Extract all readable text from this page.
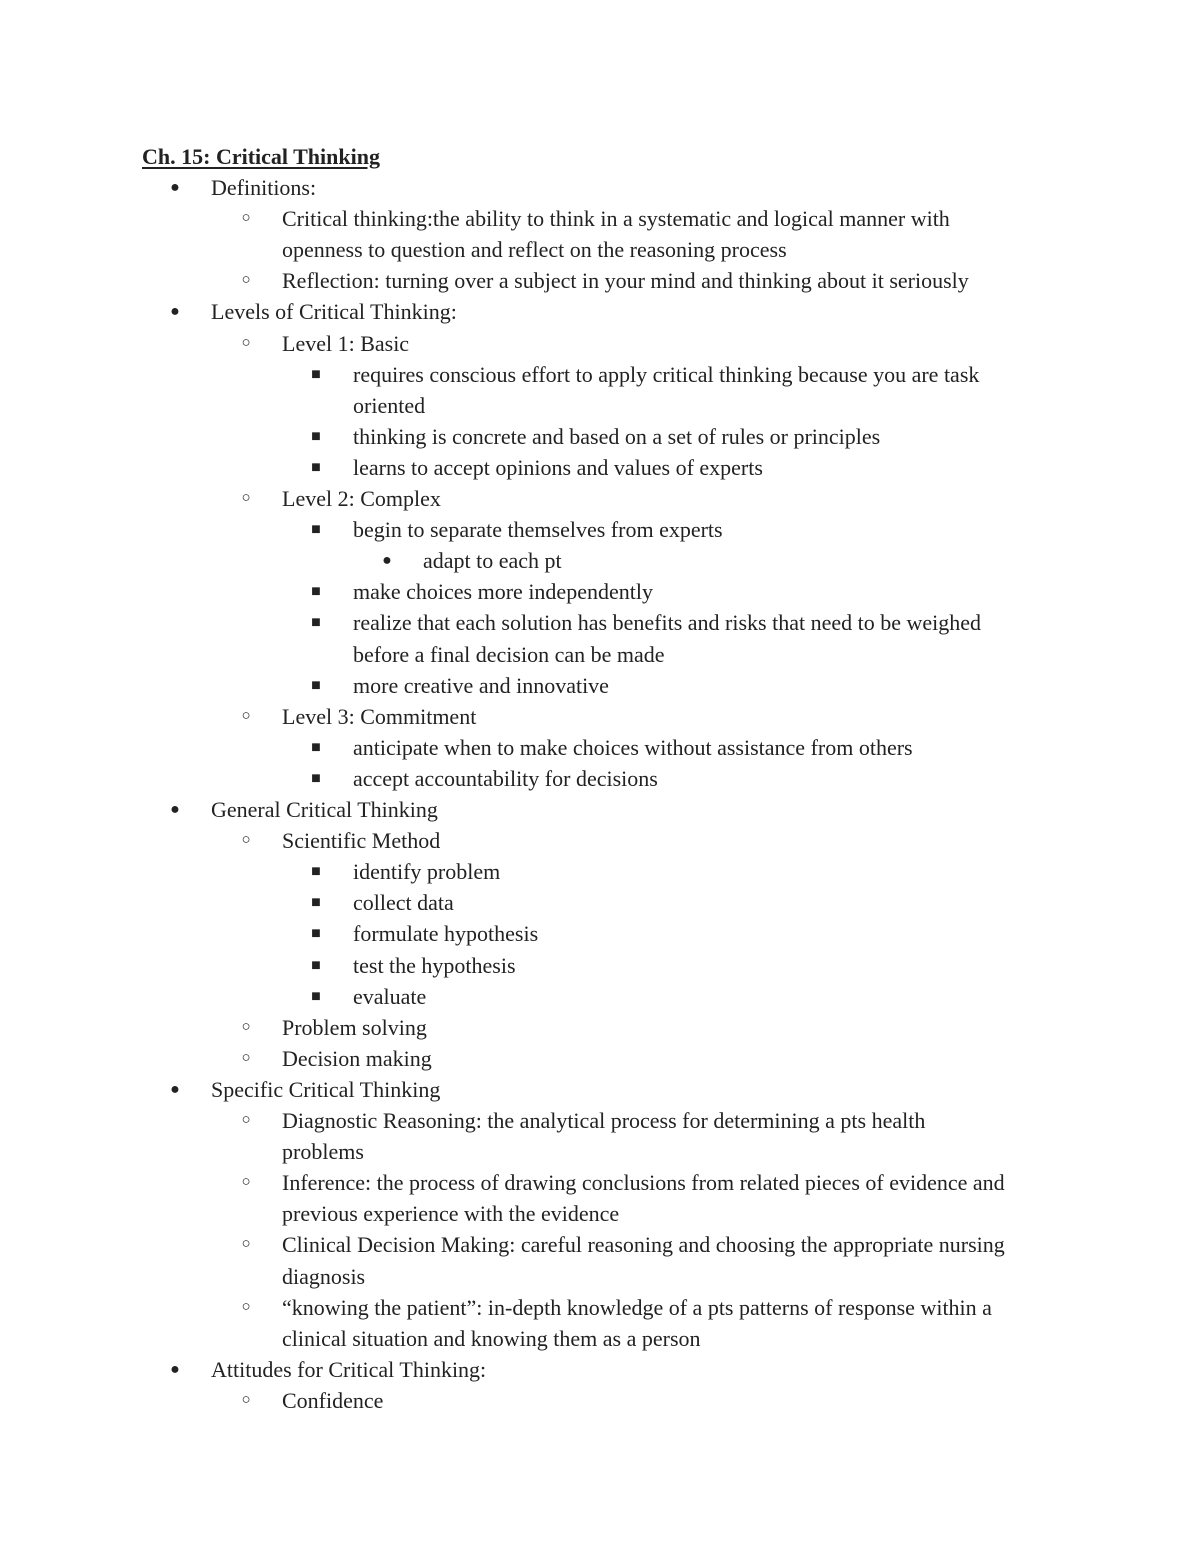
Ch. 15: Critical Thinking
● Definitions:
○ Critical thinking:the ability to think in a systematic and logical manner with
openness to question and reflect on the reasoning process
○ Reflection: turning over a subject in your mind and thinking about it seriously
● Levels of Critical Thinking:
○ Level 1: Basic
■ requires conscious effort to apply critical thinking because you are task
oriented
■ thinking is concrete and based on a set of rules or principles
■ learns to accept opinions and values of experts
○ Level 2: Complex
■ begin to separate themselves from experts
● adapt to each pt
■ make choices more independently
■ realize that each solution has benefits and risks that need to be weighed
before a final decision can be made
■ more creative and innovative
○ Level 3: Commitment
■ anticipate when to make choices without assistance from others
■ accept accountability for decisions
● General Critical Thinking
○ Scientific Method
■ identify problem
■ collect data
■ formulate hypothesis
■ test the hypothesis
■ evaluate
○ Problem solving
○ Decision making
● Specific Critical Thinking
○ Diagnostic Reasoning: the analytical process for determining a pts health
problems
○ Inference: the process of drawing conclusions from related pieces of evidence and
previous experience with the evidence
○ Clinical Decision Making: careful reasoning and choosing the appropriate nursing
diagnosis
○ “knowing the patient”: in-depth knowledge of a pts patterns of response within a
clinical situation and knowing them as a person
● Attitudes for Critical Thinking:
○ Confidence
